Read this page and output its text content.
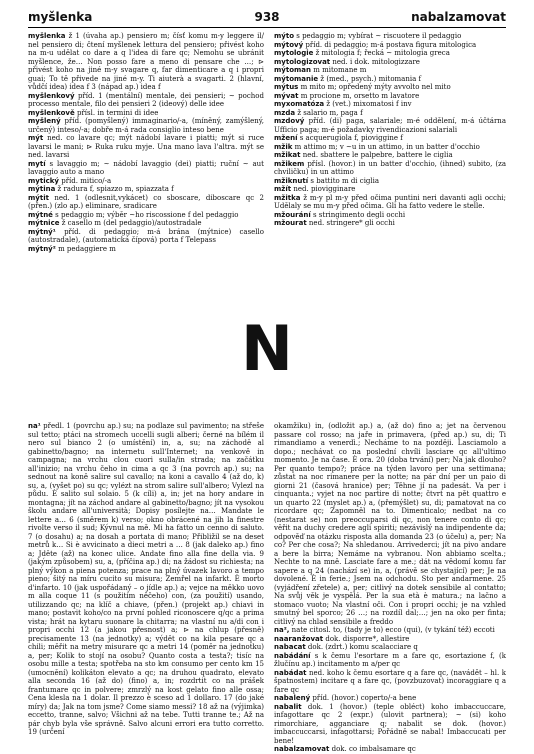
myšlenka	938	nabalzamovat

myšlenka ž 1 (úvaha ap.) pensiero m; čísť komu m-y leggere il/ nel pensiero di; čtení myšlenek lettura del pensiero; přivést koho na m-u udělat co dare a q l'idea di fare qc; Nemohu se ubránit myšlence, že… Non posso fare a meno di pensare che …; ⊳ přivést koho na jiné m-y svagare q, far dimenticare a q i propri guai; To tě přivede na jiné m-y. Ti aiuterà a svagarti. 2 (hlavní, vůdčí idea) idea f 3 (nápad ap.) idea f

myšlenkový příd. 1 (mentální) mentale, dei pensieri; ~ pochod processo mentale, filo dei pensieri 2 (ideový) delle idee

myšlenkově přísl. in termini di idee

myšlený příd. (pomyšlený) immaginario/-a, (míněný, zamýšlený, určený) inteso/-a; dobře m-á rada consiglio inteso bene

mýt ned. co lavare qc; mýt nádobí lavare i piatti; mýt si ruce lavarsi le mani; ⊳ Ruka ruku myje. Una mano lava l'altra. mýt se ned. lavarsi

mytí s lavaggio m; ~ nádobí lavaggio (dei) piatti; ruční ~ aut lavaggio auto a mano

mytický příd. mitico/-a

mýtina ž radura f, spiazzo m, spiazzata f

mýtit ned. 1 (odlesnit,vykácet) co sboscare, diboscare qc 2 (přen.) (zlo ap.) eliminare, sradicare

mýtné s pedaggio m; výběr ~ho riscossione f del pedaggio

mýtnice ž casello m (del pedaggio)/autostradale

mýtný¹ příd. di pedaggio; m-á brána (mýtnice) casello (autostradale), (automatická čípová) porta f Telepass

mýtný² m pedaggiere m

mýto s pedaggio m; vybírat ~ riscuotere il pedaggio

mýtový příd. di pedaggio; m-á postava figura mitologica

mytologie ž mitologia f; řecká ~ mitologia greca

mytologizovat ned. i dok. mitologizzare

mýtoman m mitomane m

mýtomanie ž (med., psych.) mitomania f

mýtus m mito m; opředený mýty avvolto nel mito

mývat m procione m, orsetto m lavatore

myxomatóza ž (vet.) mixomatosi f inv

mzda ž salario m, paga f

mzdový příd. (di) paga, salariale; m-é oddělení, m-á účtárna Ufficio paga; m-é požadavky rivendicazioni salariali

mžení s acquerugiola f, pioviggine f

mžik m attimo m; v ~u in un attimo, in un batter d'occhio

mžikat ned. sbattere le palpebre, battere le ciglia

mžikem přísl. (hovor.) in un batter d'occhio, (ihned) subito, (za chviličku) in un attimo

mžiknutí s battito m di ciglia

mžít ned. piovigginare

mžitka ž m-y pl m-y před očima puntini neri davanti agli occhi; Udělaly se mu m-y před očima. Gli ha fatto vedere le stelle.

mžourání s stringimento degli occhi

mžourat ned. stringere* gli occhi

N

na¹ předl. 1 (povrchu ap.) su; na podlaze sul pavimento; na střeše sul tetto; ptáci na stromech uccelli sugli alberi; černé na bílém il nero sul bianco 2 (o umístění) in, a, su; na záchodě al gabinetto/bagno; na internetu sull'Internet; na venkově in campagna; na vrchu clou cuori sulla/in strada; na začátku all'inizio; na vrchu čeho in cima a qc 3 (na povrch ap.) su; na sednout na koně salire sul cavallo; na koni a cavallo 4 (až do, k) su, a, (vyšet po) su qc; vylézt na strom salire sull'albero; Vylezl na půdu. È salito sul solaio. 5 (k cíli) a, in; jet na hory andare in montagna; jít na záchod andare al gabinetto/bagno; jít na vysokou školu andare all'università; Dopisy posílejte na… Mandate le lettere a… 6 (směrem k) verso; okno obrácené na jih la finestre rivolte verso il sud; Kývnul na mě. Mi ha fatto un cenno di saluto. 7 (o dosahu) a; na dosah a portata di mano; Přibližil se na deset metrů k… Si è avvicinato a dieci metri a … 8 (jak daleko ap.) fino a; Jděte (až) na konec ulice. Andate fino alla fine della via. 9 (jakým způsobem) su, a, (příčina ap.) di; na žádost su richiesta; na plný výkon a piena potenza; prace na plný úvazek lavoro a tempo pieno; šitý na míru cucito su misura; Zemřel na infarkt. È morto d'infarto. 10 (jak uspořádaný – o jídle ap.) a; vejce na měkko uovo m alla coque 11 (s použitím něčeho) con, (za použití) usando, utilizzando qc; na klíč a chiave, (přen.) (projekt ap.) chiavi in mano; postavit koho/co na první pohled riconoscere q/qc a prima vista; hrát na kytaru suonare la chitarra; na vlastní nu a/di con i propri occhi 12 (a jakou přesnost) a; ⊳ na chlup (přesně) precisamente 13 (na jednotky) a; výdět co na kila pesare qc a chili; měřit na metry misurare qc a metri 14 (poměr na jednotku) a, per; Kolik to stojí na osobu? Quanto costa a testa?; tisíc na osobu mille a testa; spotřeba na sto km consumo per cento km 15 (umocnění) kolikáton elevato a qc; na druhou quadrato, elevato alla seconda 16 (až do) (fino) a, in; rozdrtit co na prášek frantumare qc in polvere; zmrzlý na kost gelato fino alle ossa; Cena klesla na 1 dolar. Il prezzo è sceso ad 1 dollaro. 17 (do jaké míry) da; Jak na tom jsme? Come siamo messi? 18 až na (výjimka) eccetto, tranne, salvo; Všichni až na tebe. Tutti tranne te.; Až na pár chyb byla vše správně. Salvo alcuni errori era tutto corretto. 19 (určení

okamžiku) in, (odložit ap.) a, (až do) fino a; jet na červenou passare col rosso; na jaře in primavera, (před ap.) su, di; Ti rimandiamo a venerdì.; Necháme to na později. Lasciamolo a dopo.; nechávat co na poslední chvíli lasciare qc all'ultimo momento. Je na čase. È ora. 20 (doba trvání) per; Na jak dlouho? Per quanto tempo?; práce na týden lavoro per una settimana; zůstat na noc rimanere per la notte; na pár dní per un paio di giorni 21 (časová hranice) per; Těhne jí na padesát. Va per i cinquanta.; vyjet na noc partire di notte; čtvrt na pět quattro e un quarto 22 (myslet ap.) a, (přemýšlet) su, di; pamatovat na co ricordare qc; Zapomněl na to. Dimenticalo; nedbat na co (nestarat se) non preoccuparsi di qc, non tenere conto di qc; věřit na duchy credere agli spiriti; nezávislý na indipendente da; odpověď na otázku risposta alla domanda 23 (o účelu) a, per; Na co? Per che cosa?; Na shledanou. Arrivederci; jít na pivo andare a bere la birra; Nemáme na vybranou. Non abbiamo scelta.; Nechte to na mně. Lasciate fare a me.; dát na vědomí komu far sapere a q 24 (nachází se) in, a, (právě se chystající) per; Je na dovolené. È in ferie.; Jsem na odchodu. Sto per andarmene. 25 (vyjádření zřetele) a, per; citlivý na dotek sensibile al contatto; Na svůj věk je vyspělá. Per la sua età è matura.; na lačno a stomaco vuoto; Na vlastní oči. Con i propri occhi; je na vzhled smutný bel sporco; 26 …; na rozdíl dal;…; jen na oko per finta; citlivý na chlad sensibile a freddo

na², nate citosl. to, (tady je to) ecco (qui), (v tykání též) eccoti

naaranžovat dok. disporre*, allestire

nabacat dok. (zdrt.) komu scalacciare q

nabádání s k čemu l'esortare m a fare qc, esortazione f, (k žlučínu ap.) incitamento m a/per qc

nabádat ned. koho k čemu esortare q a fare qc, (navádět – hl. k špatnostem) incitare q a fare qc, (povzbuzovat) incoraggiare q a fare qc

nabalený příd. (hovor.) coperto/-a bene

nabalit dok. 1 (hovor.) (teple obléct) koho imbaccuccare, infagottare qc 2 (expr.) (ulovit partnera); ~ (si) koho rimorchiare, agganciare q; nabalit se dok. (hovor.) imbaccuccarsi, infagottarsi; Pořádně se nabal! Imbaccucati per bene!

nabalzamovat dok. co imbalsamare qc
